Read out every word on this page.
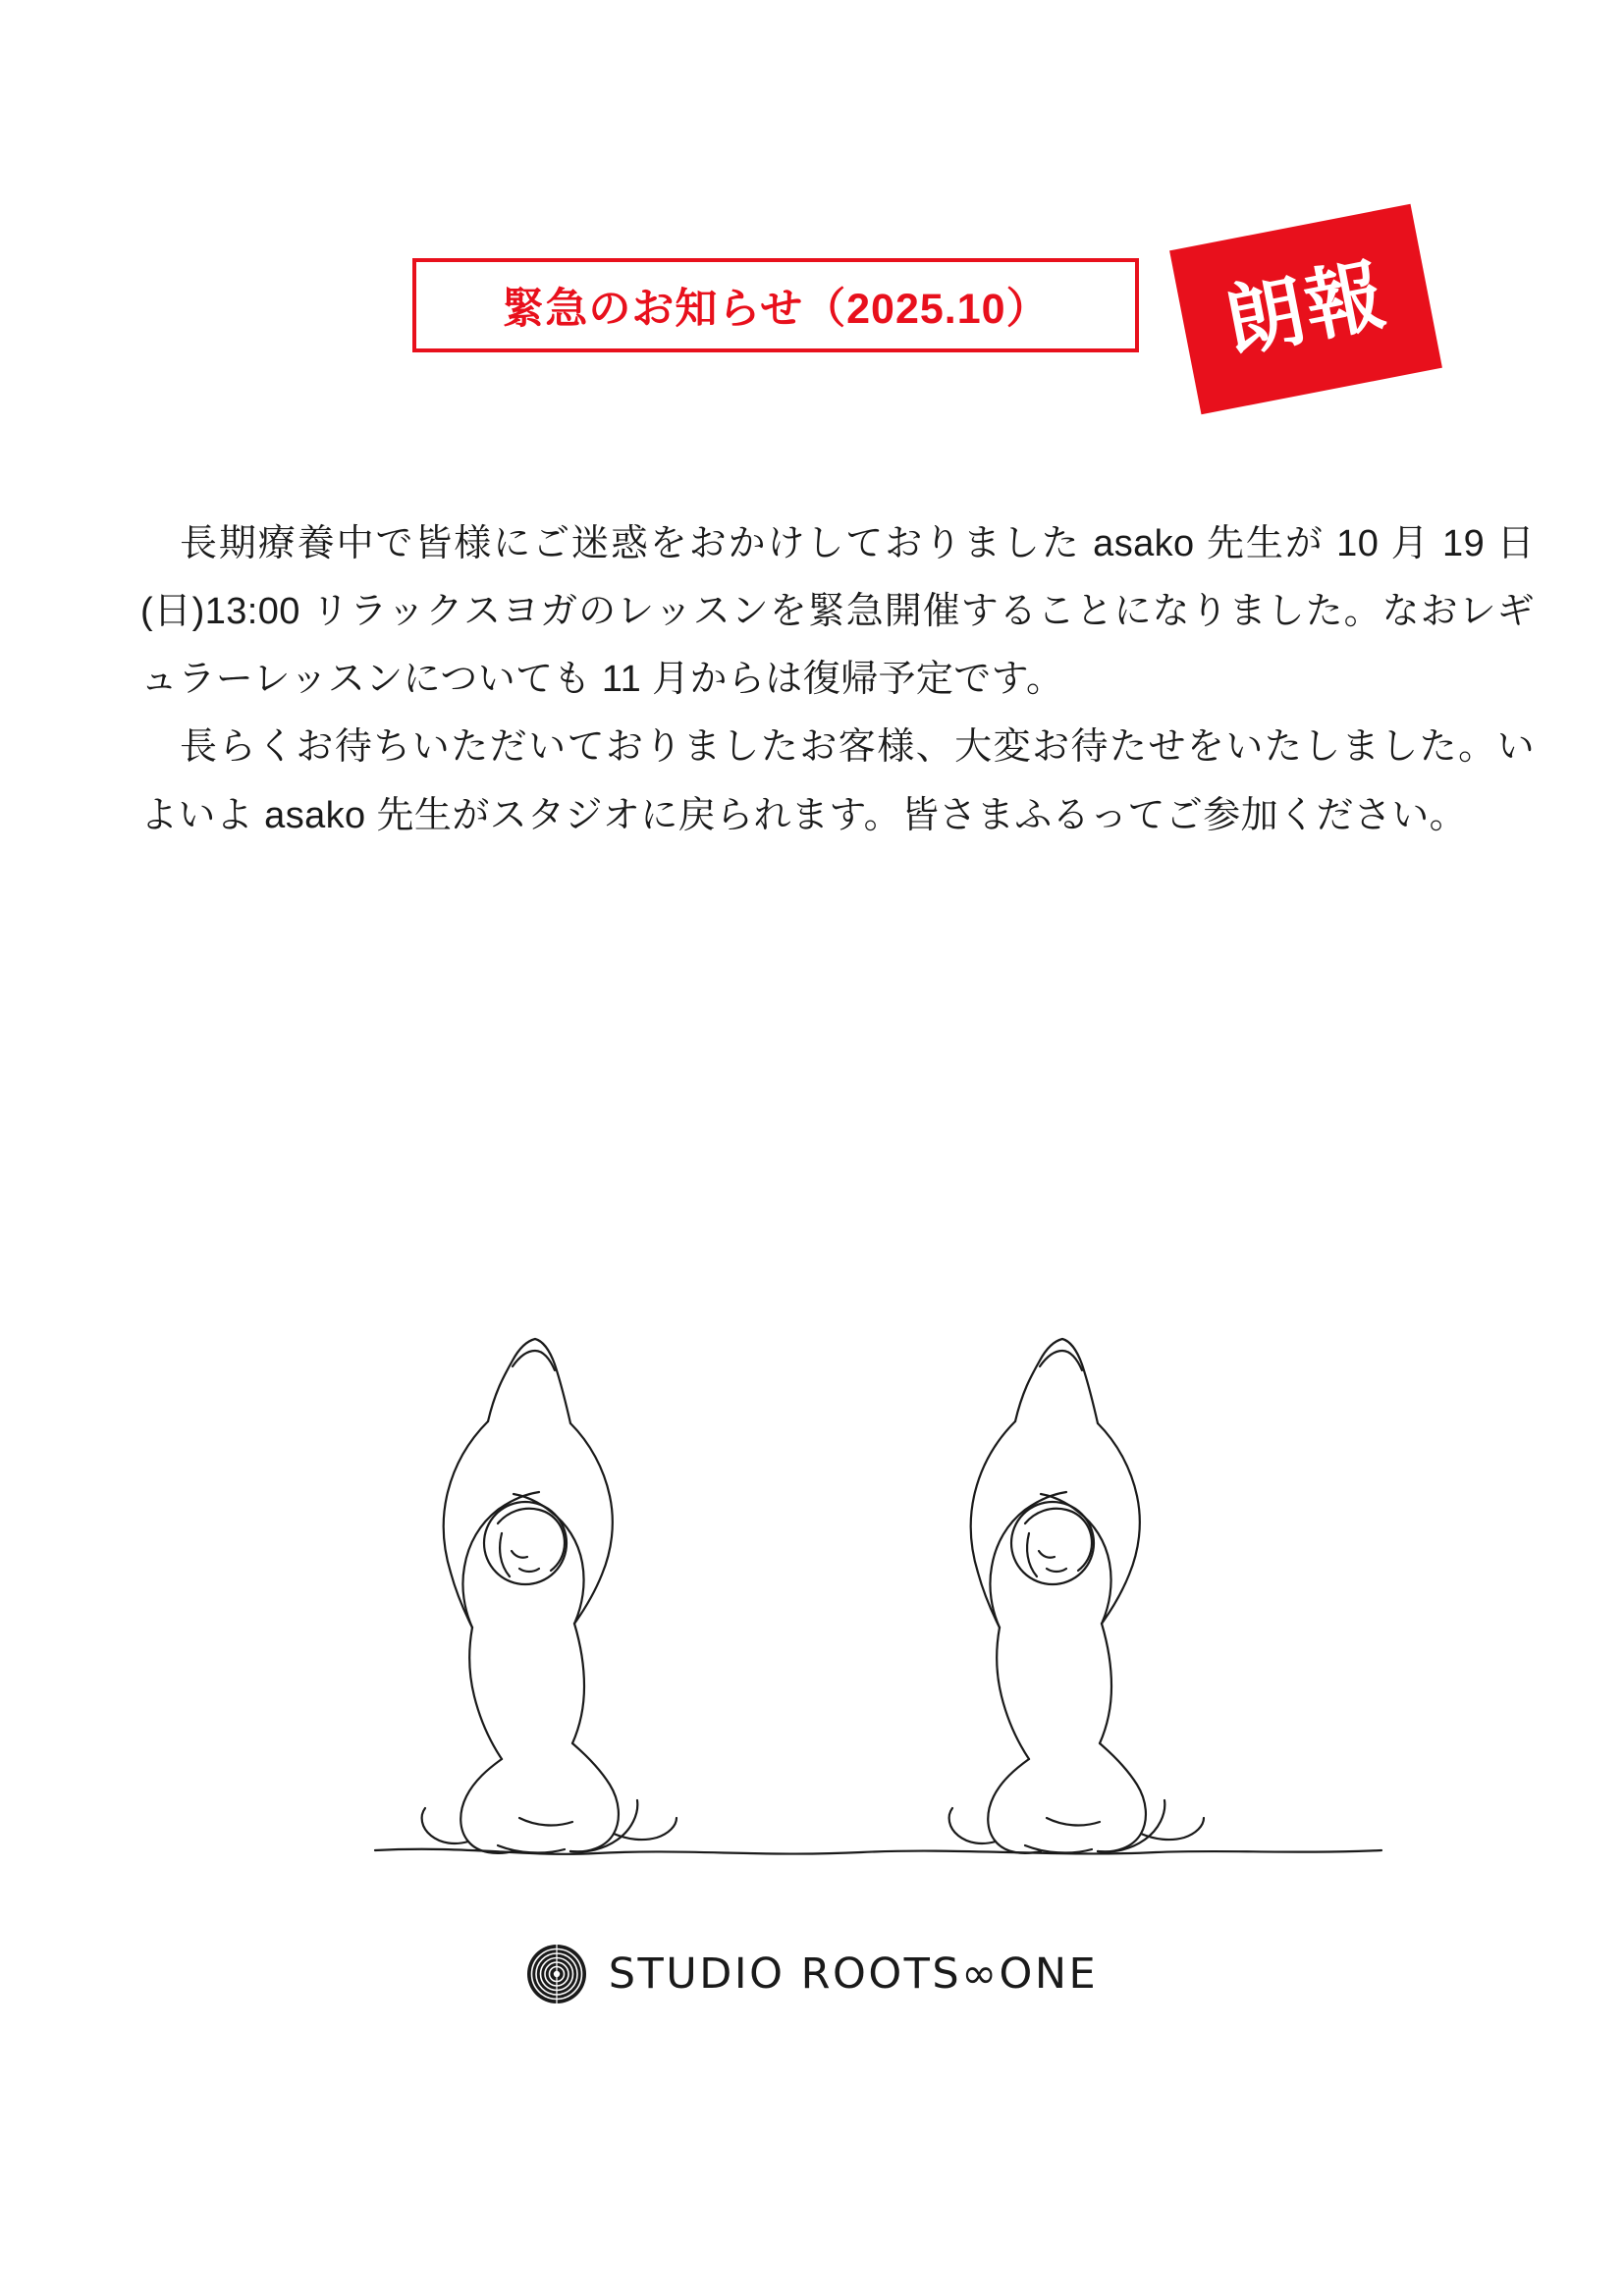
緊急のお知らせ（2025.10） 朗報

長期療養中で皆様にご迷惑をおかけしておりました asako 先生が 10 月 19 日(日)13:00 リラックスヨガのレッスンを緊急開催することになりました。なおレギュラーレッスンについても 11 月からは復帰予定です。

長らくお待ちいただいておりましたお客様、大変お待たせをいたしました。いよいよ asako 先生がスタジオに戻られます。皆さまふるってご参加ください。

STUDIO ROOTS∞ONE
